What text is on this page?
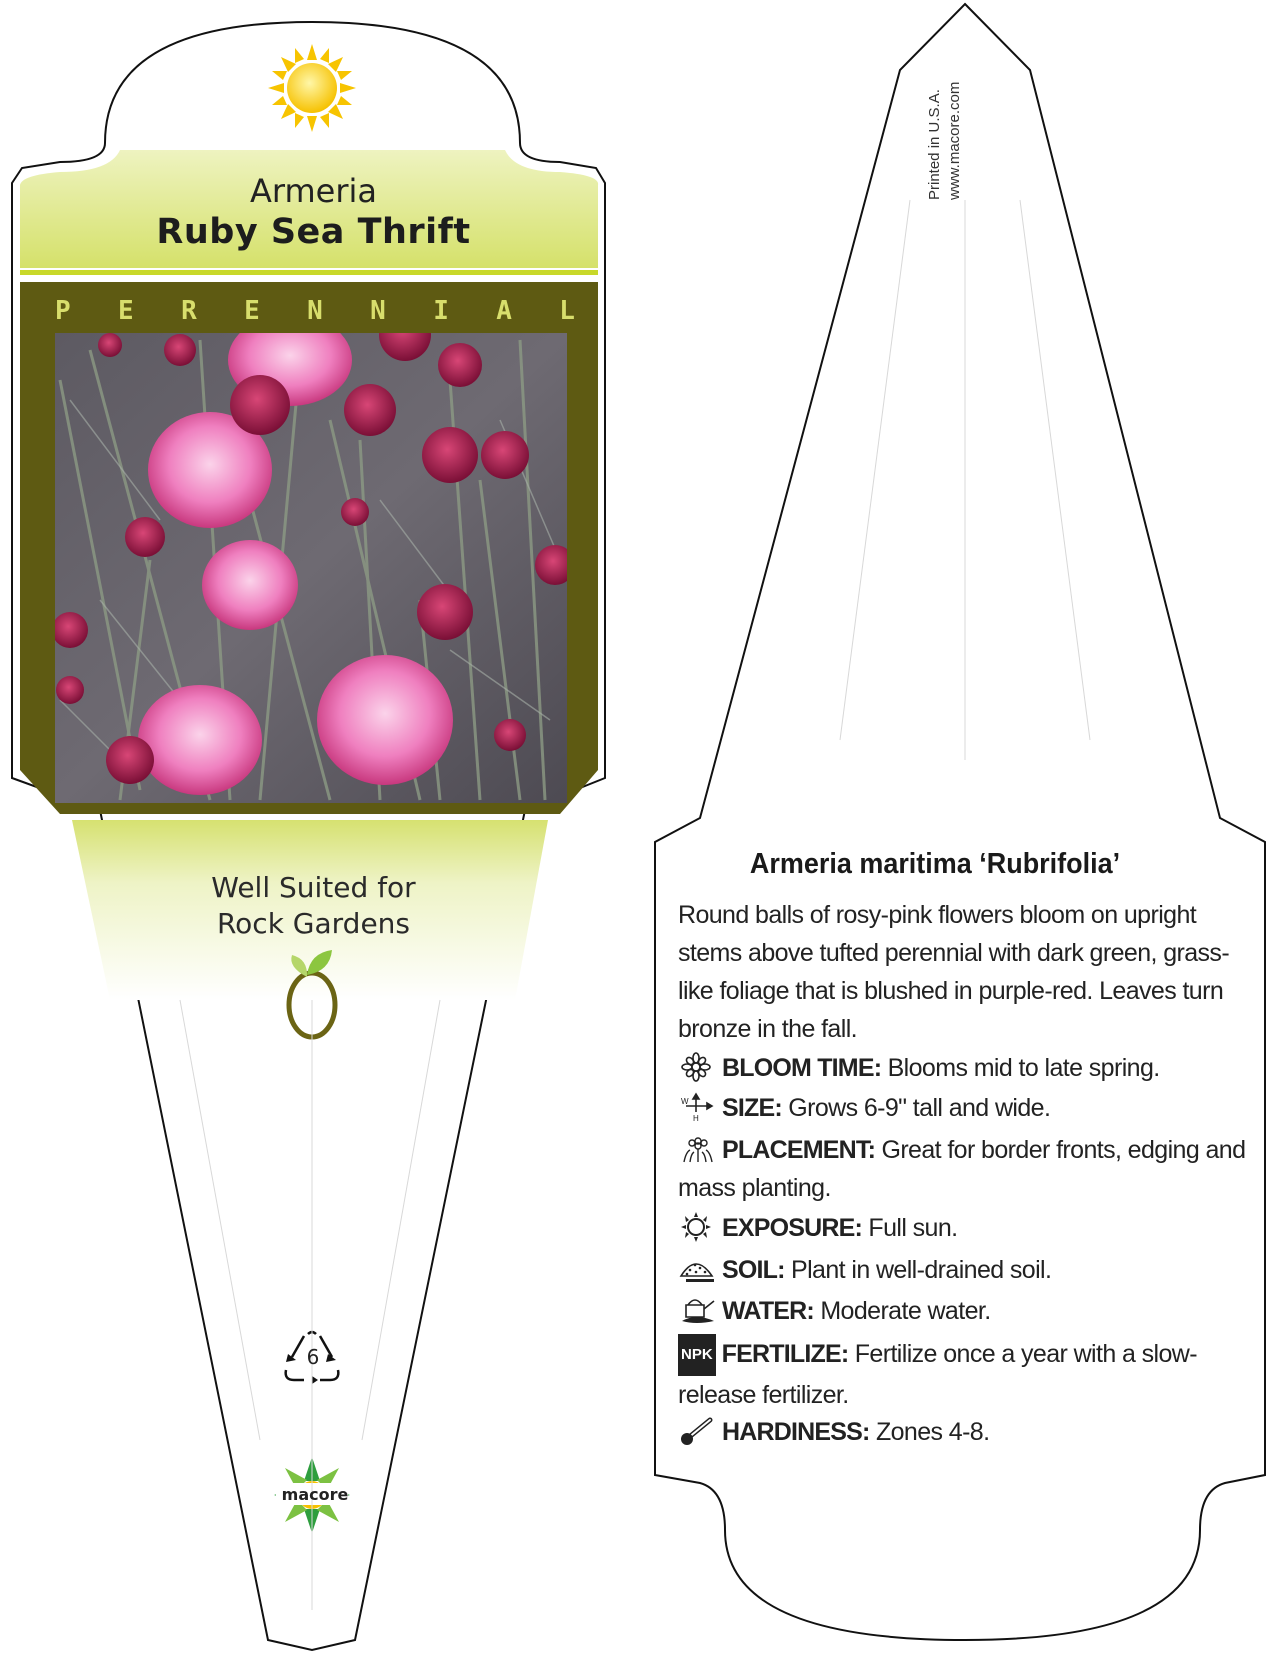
Armeria
Ruby Sea Thrift
P E R E N N I A L
Well Suited for
Rock Gardens
6
macore
Printed in U.S.A. www.macore.com
Armeria maritima ‘Rubrifolia’
Round balls of rosy-pink flowers bloom on upright stems above tufted perennial with dark green, grass-like foliage that is blushed in purple-red. Leaves turn bronze in the fall.
BLOOM TIME: Blooms mid to late spring.
W
H SIZE: Grows 6-9" tall and wide.
PLACEMENT: Great for border fronts, edging and mass planting.
EXPOSURE: Full sun.
SOIL: Plant in well-drained soil.
WATER: Moderate water.
NPK FERTILIZE: Fertilize once a year with a slow-release fertilizer.
HARDINESS: Zones 4-8.
